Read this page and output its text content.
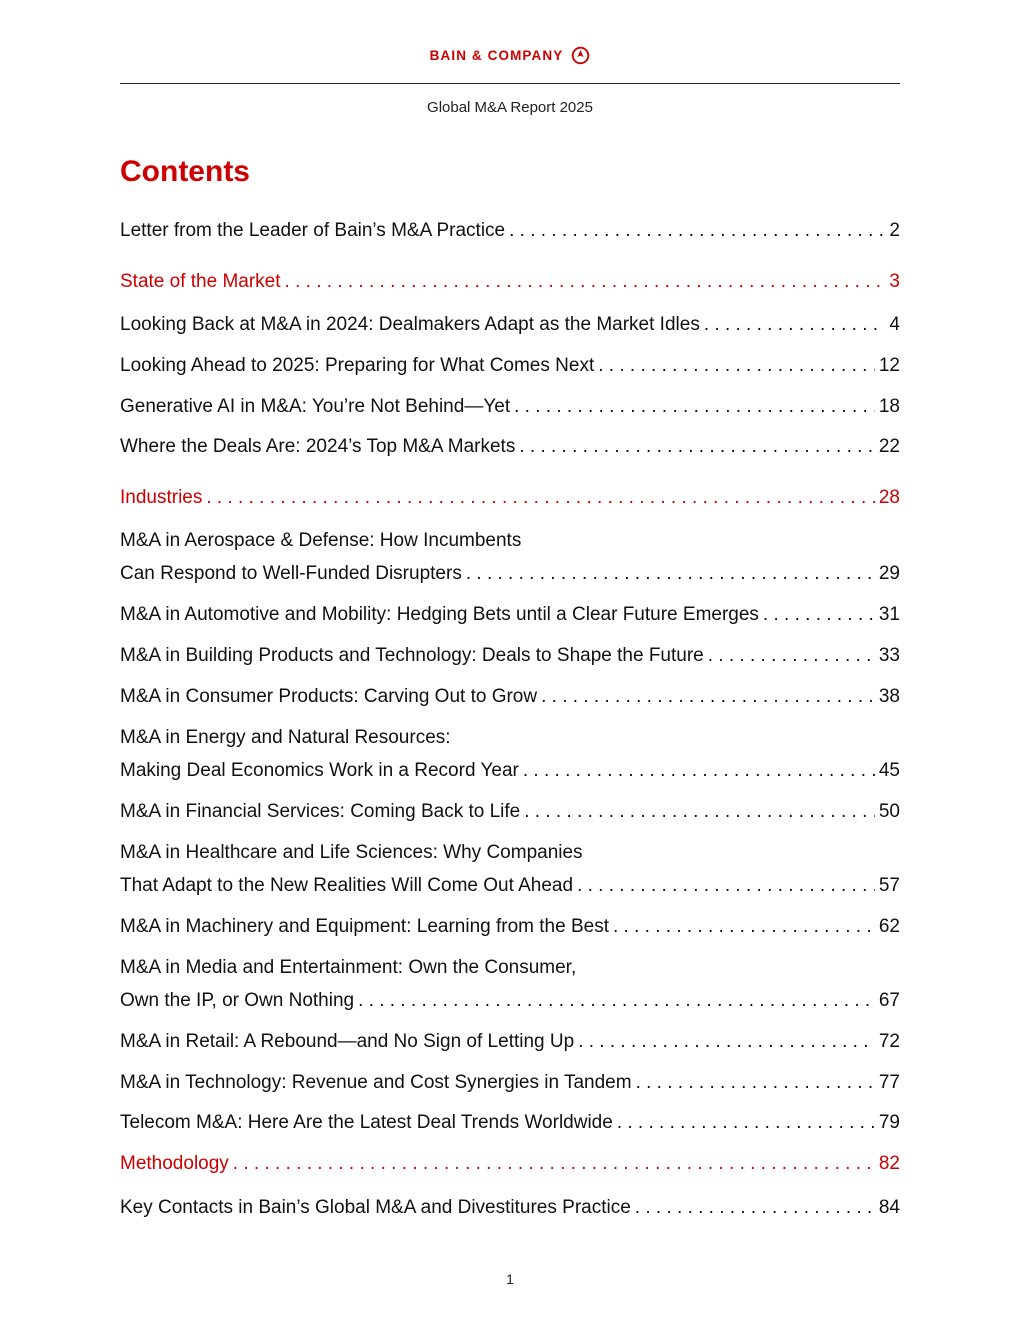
BAIN & COMPANY
Global M&A Report 2025
Contents
Letter from the Leader of Bain’s M&A Practice . . .	2
State of the Market . . .	3
Looking Back at M&A in 2024: Dealmakers Adapt as the Market Idles . . .	4
Looking Ahead to 2025: Preparing for What Comes Next . . .	12
Generative AI in M&A: You’re Not Behind—Yet . . .	18
Where the Deals Are: 2024’s Top M&A Markets . . .	22
Industries . . .	28
M&A in Aerospace & Defense: How Incumbents
Can Respond to Well-Funded Disrupters . . .	29
M&A in Automotive and Mobility: Hedging Bets until a Clear Future Emerges . . .	31
M&A in Building Products and Technology: Deals to Shape the Future . . .	33
M&A in Consumer Products: Carving Out to Grow . . .	38
M&A in Energy and Natural Resources:
Making Deal Economics Work in a Record Year . . .	45
M&A in Financial Services: Coming Back to Life . . .	50
M&A in Healthcare and Life Sciences: Why Companies
That Adapt to the New Realities Will Come Out Ahead . . .	57
M&A in Machinery and Equipment: Learning from the Best . . .	62
M&A in Media and Entertainment: Own the Consumer,
Own the IP, or Own Nothing . . .	67
M&A in Retail: A Rebound—and No Sign of Letting Up . . .	72
M&A in Technology: Revenue and Cost Synergies in Tandem . . .	77
Telecom M&A: Here Are the Latest Deal Trends Worldwide . . .	79
Methodology . . .	82
Key Contacts in Bain’s Global M&A and Divestitures Practice . . .	84
1
